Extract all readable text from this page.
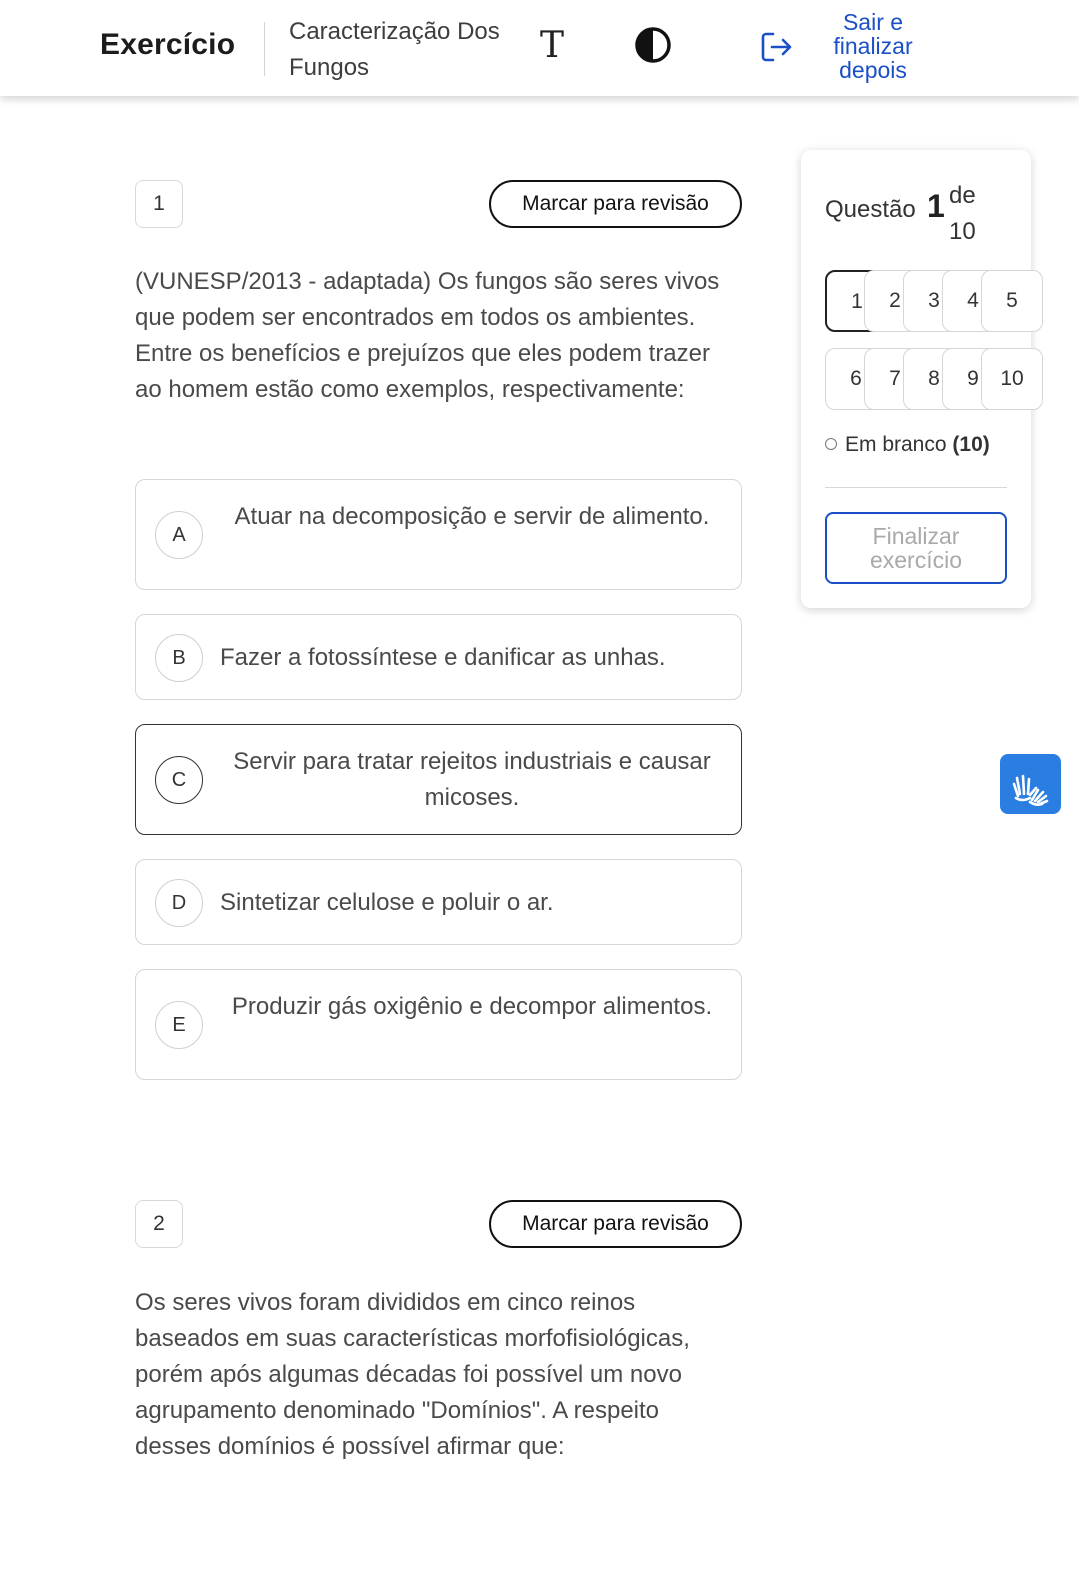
Exercício Caracterização Dos Fungos
T
Sair e finalizar depois
1	Marcar para revisão
(VUNESP/2013 - adaptada) Os fungos são seres vivos que podem ser encontrados em todos os ambientes. Entre os benefícios e prejuízos que eles podem trazer ao homem estão como exemplos, respectivamente:
A
Atuar na decomposição e servir de alimento.
B	Fazer a fotossíntese e danificar as unhas.
C
Servir para tratar rejeitos industriais e causar micoses.
D	Sintetizar celulose e poluir o ar.
E
Produzir gás oxigênio e decompor alimentos.
2	Marcar para revisão
Os seres vivos foram divididos em cinco reinos baseados em suas características morfofisiológicas, porém após algumas décadas foi possível um novo agrupamento denominado "Domínios". A respeito desses domínios é possível afirmar que:
Questão 1 de 10
1	2	3	4	5
6	7	8	9	10
Em branco (10)
Finalizar exercício
